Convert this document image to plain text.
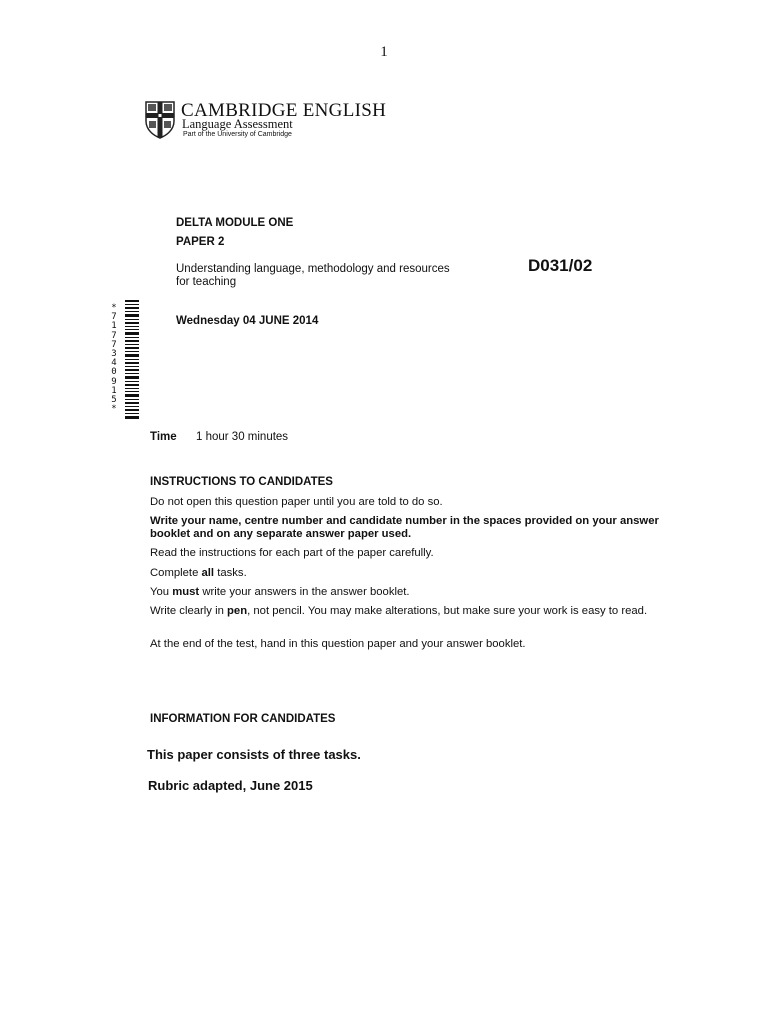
1
CAMBRIDGE ENGLISH
Language Assessment
Part of the University of Cambridge
DELTA MODULE ONE
PAPER 2
Understanding language, methodology and resources
for teaching
D031/02
Wednesday 04 JUNE 2014
*
7
1
7
7
3
4
0
9
1
5
*
Time 1 hour 30 minutes
INSTRUCTIONS TO CANDIDATES
Do not open this question paper until you are told to do so.
Write your name, centre number and candidate number in the spaces provided on your answer booklet and on any separate answer paper used.
Read the instructions for each part of the paper carefully.
Complete all tasks.
You must write your answers in the answer booklet.
Write clearly in pen, not pencil. You may make alterations, but make sure your work is easy to read.
At the end of the test, hand in this question paper and your answer booklet.
INFORMATION FOR CANDIDATES
This paper consists of three tasks.
Rubric adapted, June 2015
